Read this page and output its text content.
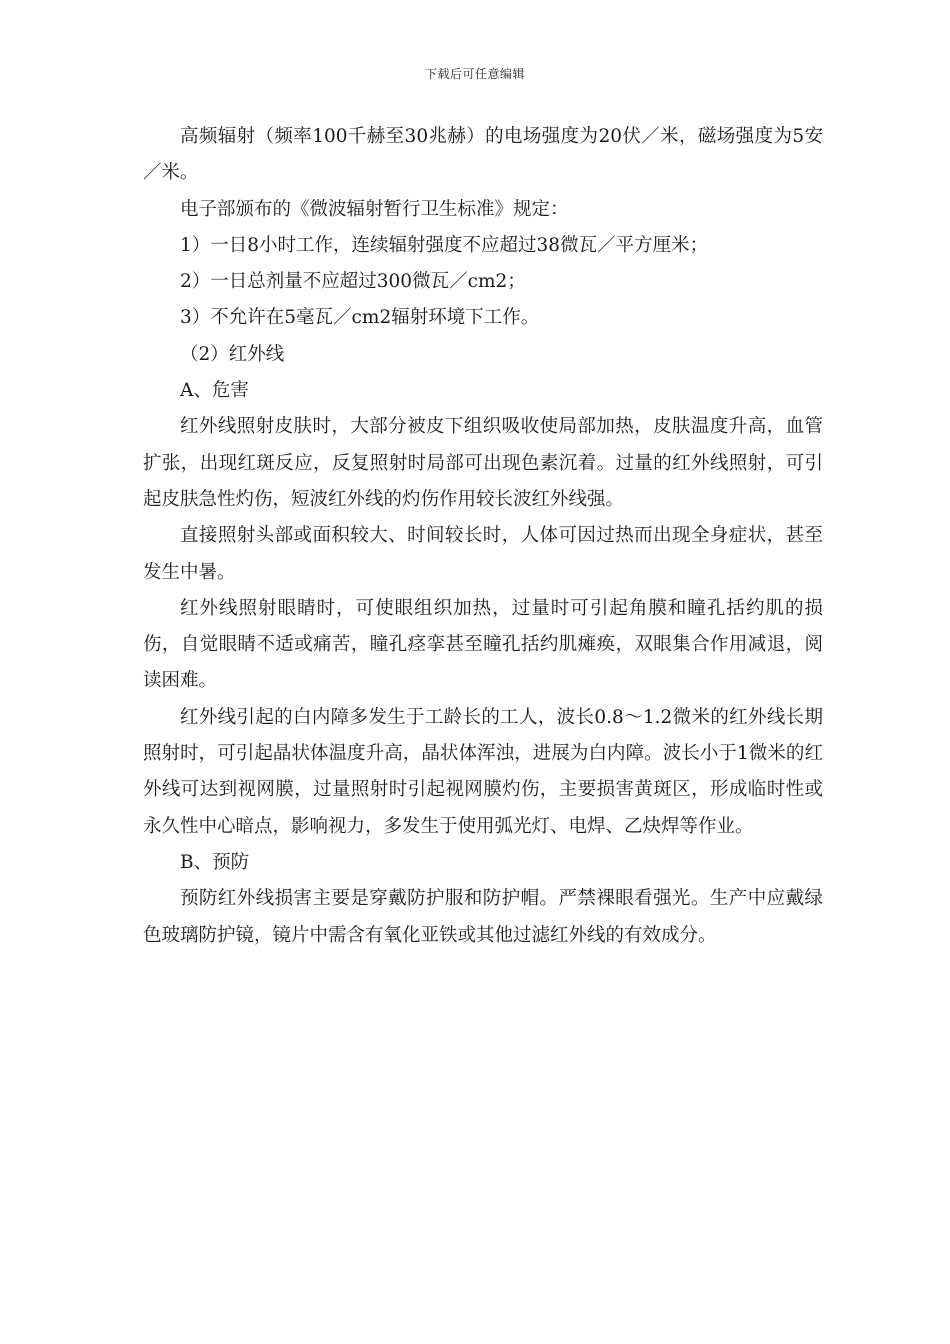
下载后可任意编辑

高频辐射（频率100千赫至30兆赫）的电场强度为20伏／米，磁场强度为5安／米。

电子部颁布的《微波辐射暂行卫生标准》规定：

1）一日8小时工作，连续辐射强度不应超过38微瓦／平方厘米；

2）一日总剂量不应超过300微瓦／cm2；

3）不允许在5毫瓦／cm2辐射环境下工作。

（2）红外线

A、危害

红外线照射皮肤时，大部分被皮下组织吸收使局部加热，皮肤温度升高，血管扩张，出现红斑反应，反复照射时局部可出现色素沉着。过量的红外线照射，可引起皮肤急性灼伤，短波红外线的灼伤作用较长波红外线强。

直接照射头部或面积较大、时间较长时，人体可因过热而出现全身症状，甚至发生中暑。

红外线照射眼睛时，可使眼组织加热，过量时可引起角膜和瞳孔括约肌的损伤，自觉眼睛不适或痛苦，瞳孔痉挛甚至瞳孔括约肌瘫痪，双眼集合作用减退，阅读困难。

红外线引起的白内障多发生于工龄长的工人，波长0.8～1.2微米的红外线长期照射时，可引起晶状体温度升高，晶状体浑浊，进展为白内障。波长小于1微米的红外线可达到视网膜，过量照射时引起视网膜灼伤，主要损害黄斑区，形成临时性或永久性中心暗点，影响视力，多发生于使用弧光灯、电焊、乙炔焊等作业。

B、预防

预防红外线损害主要是穿戴防护服和防护帽。严禁裸眼看强光。生产中应戴绿色玻璃防护镜，镜片中需含有氧化亚铁或其他过滤红外线的有效成分。
